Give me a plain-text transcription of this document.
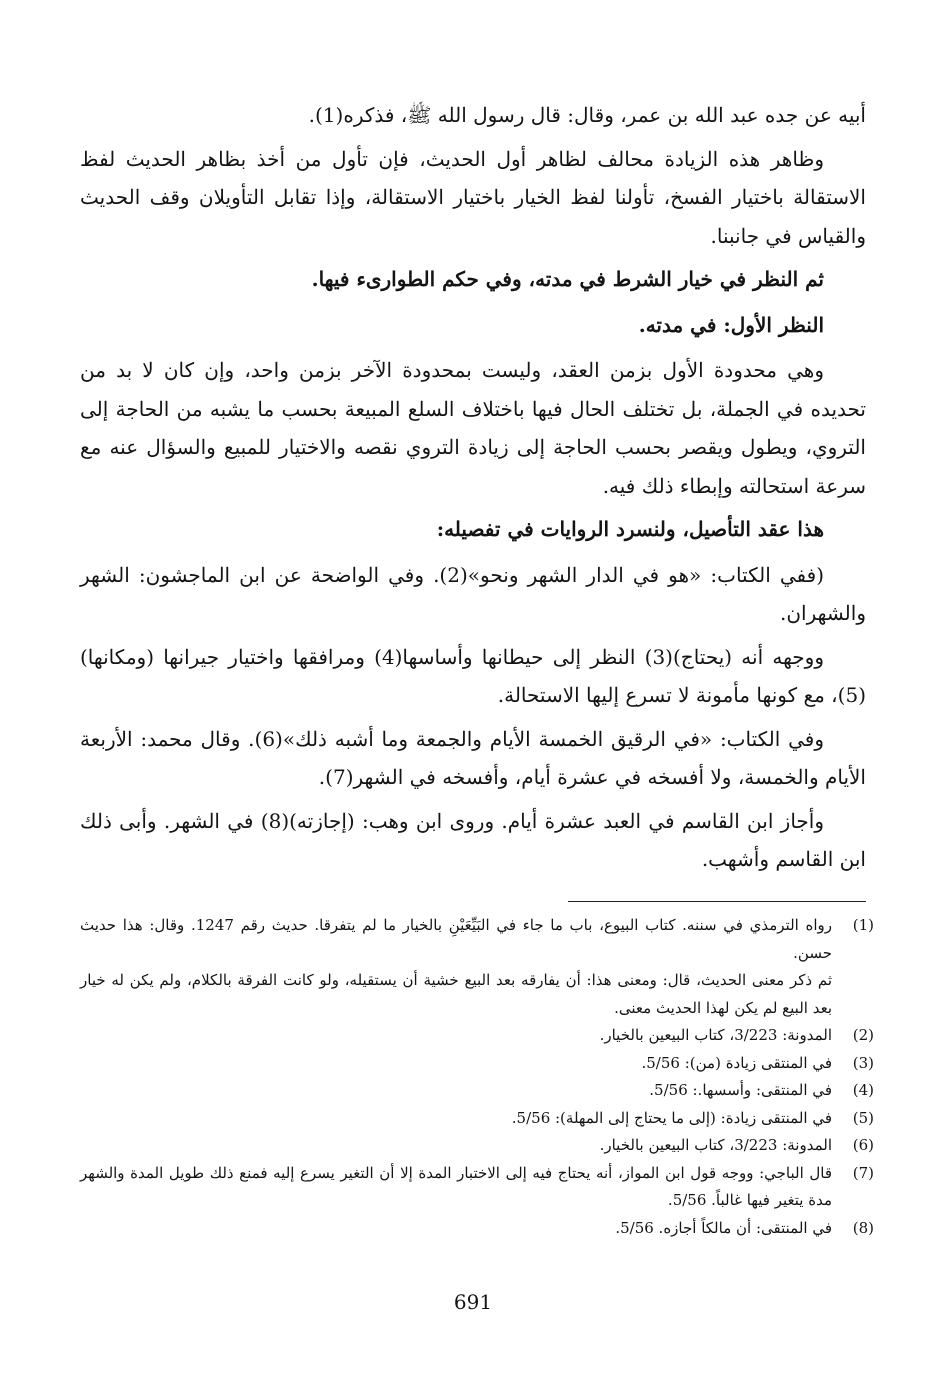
أبيه عن جده عبد الله بن عمر، وقال: قال رسول الله ﷺ، فذكره(1).

وظاهر هذه الزيادة محالف لظاهر أول الحديث، فإن تأول من أخذ بظاهر الحديث لفظ الاستقالة باختيار الفسخ، تأولنا لفظ الخيار باختيار الاستقالة، وإذا تقابل التأويلان وقف الحديث والقياس في جانبنا.

ثم النظر في خيار الشرط في مدته، وفي حكم الطوارىء فيها.

النظر الأول: في مدته.

وهي محدودة الأول بزمن العقد، وليست بمحدودة الآخر بزمن واحد، وإن كان لا بد من تحديده في الجملة، بل تختلف الحال فيها باختلاف السلع المبيعة بحسب ما يشبه من الحاجة إلى التروي، ويطول ويقصر بحسب الحاجة إلى زيادة التروي نقصه والاختيار للمبيع والسؤال عنه مع سرعة استحالته وإبطاء ذلك فيه.

هذا عقد التأصيل، ولنسرد الروايات في تفصيله:

(ففي الكتاب: «هو في الدار الشهر ونحو»(2). وفي الواضحة عن ابن الماجشون: الشهر والشهران.

ووجهه أنه (يحتاج)(3) النظر إلى حيطانها وأساسها(4) ومرافقها واختيار جيرانها (ومكانها)(5)، مع كونها مأمونة لا تسرع إليها الاستحالة.

وفي الكتاب: «في الرقيق الخمسة الأيام والجمعة وما أشبه ذلك»(6). وقال محمد: الأربعة الأيام والخمسة، ولا أفسخه في عشرة أيام، وأفسخه في الشهر(7).

وأجاز ابن القاسم في العبد عشرة أيام. وروى ابن وهب: (إجازته)(8) في الشهر. وأبى ذلك ابن القاسم وأشهب.

(1)
رواه الترمذي في سننه. كتاب البيوع، باب ما جاء في البَيِّعَيْنِ بالخيار ما لم يتفرقا. حديث رقم 1247. وقال: هذا حديث حسن.
ثم ذكر معنى الحديث، قال: ومعنى هذا: أن يفارقه بعد البيع خشية أن يستقيله، ولو كانت الفرقة بالكلام، ولم يكن له خيار بعد البيع لم يكن لهذا الحديث معنى.
(2)
المدونة: 3/223، كتاب البيعين بالخيار.
(3)
في المنتقى زيادة (من): 5/56.
(4)
في المنتقى: وأسسها.: 5/56.
(5)
في المنتقى زيادة: (إلى ما يحتاج إلى المهلة): 5/56.
(6)
المدونة: 3/223، كتاب البيعين بالخيار.
(7)
قال الباجي: ووجه قول ابن المواز، أنه يحتاج فيه إلى الاختبار المدة إلا أن التغير يسرع إليه فمنع ذلك طويل المدة والشهر مدة يتغير فيها غالباً. 5/56.
(8)
في المنتقى: أن مالكاً أجازه. 5/56.
691
